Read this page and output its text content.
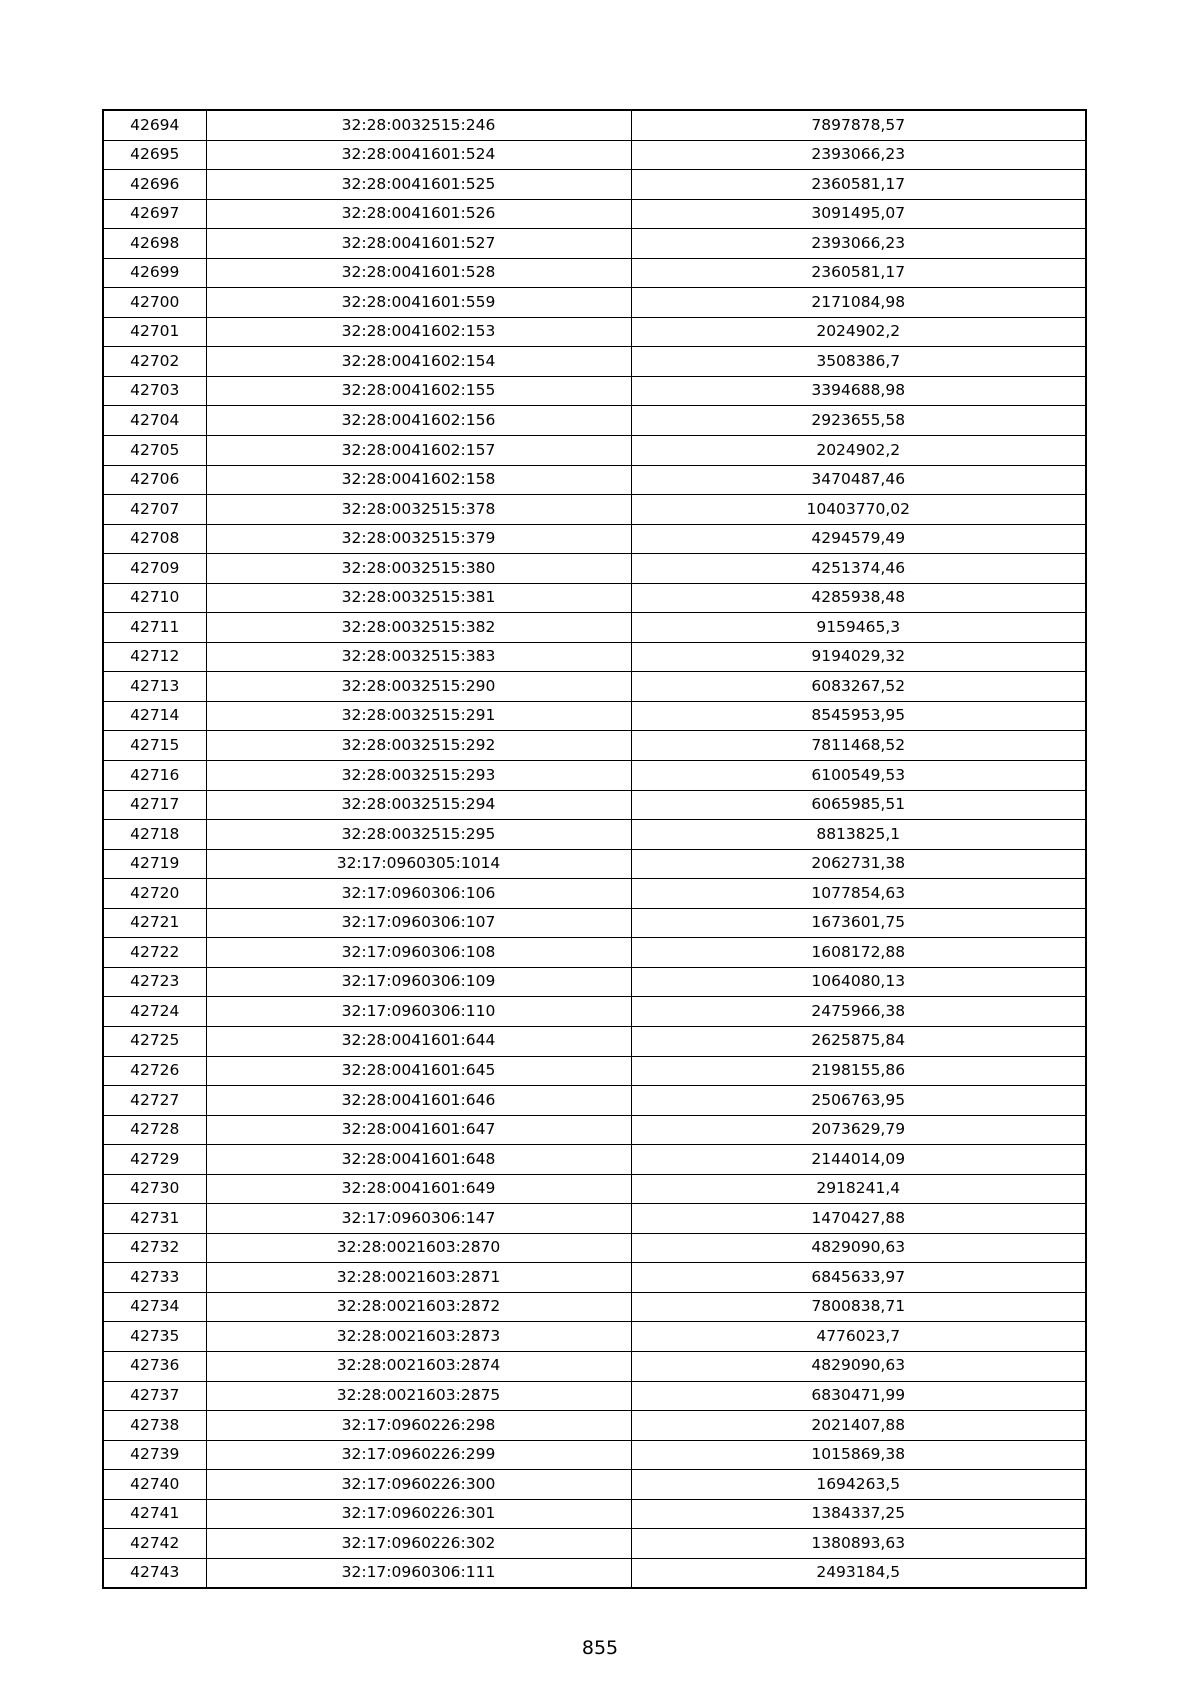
42694	32:28:0032515:246	7897878,57
42695	32:28:0041601:524	2393066,23
42696	32:28:0041601:525	2360581,17
42697	32:28:0041601:526	3091495,07
42698	32:28:0041601:527	2393066,23
42699	32:28:0041601:528	2360581,17
42700	32:28:0041601:559	2171084,98
42701	32:28:0041602:153	2024902,2
42702	32:28:0041602:154	3508386,7
42703	32:28:0041602:155	3394688,98
42704	32:28:0041602:156	2923655,58
42705	32:28:0041602:157	2024902,2
42706	32:28:0041602:158	3470487,46
42707	32:28:0032515:378	10403770,02
42708	32:28:0032515:379	4294579,49
42709	32:28:0032515:380	4251374,46
42710	32:28:0032515:381	4285938,48
42711	32:28:0032515:382	9159465,3
42712	32:28:0032515:383	9194029,32
42713	32:28:0032515:290	6083267,52
42714	32:28:0032515:291	8545953,95
42715	32:28:0032515:292	7811468,52
42716	32:28:0032515:293	6100549,53
42717	32:28:0032515:294	6065985,51
42718	32:28:0032515:295	8813825,1
42719	32:17:0960305:1014	2062731,38
42720	32:17:0960306:106	1077854,63
42721	32:17:0960306:107	1673601,75
42722	32:17:0960306:108	1608172,88
42723	32:17:0960306:109	1064080,13
42724	32:17:0960306:110	2475966,38
42725	32:28:0041601:644	2625875,84
42726	32:28:0041601:645	2198155,86
42727	32:28:0041601:646	2506763,95
42728	32:28:0041601:647	2073629,79
42729	32:28:0041601:648	2144014,09
42730	32:28:0041601:649	2918241,4
42731	32:17:0960306:147	1470427,88
42732	32:28:0021603:2870	4829090,63
42733	32:28:0021603:2871	6845633,97
42734	32:28:0021603:2872	7800838,71
42735	32:28:0021603:2873	4776023,7
42736	32:28:0021603:2874	4829090,63
42737	32:28:0021603:2875	6830471,99
42738	32:17:0960226:298	2021407,88
42739	32:17:0960226:299	1015869,38
42740	32:17:0960226:300	1694263,5
42741	32:17:0960226:301	1384337,25
42742	32:17:0960226:302	1380893,63
42743	32:17:0960306:111	2493184,5
855
